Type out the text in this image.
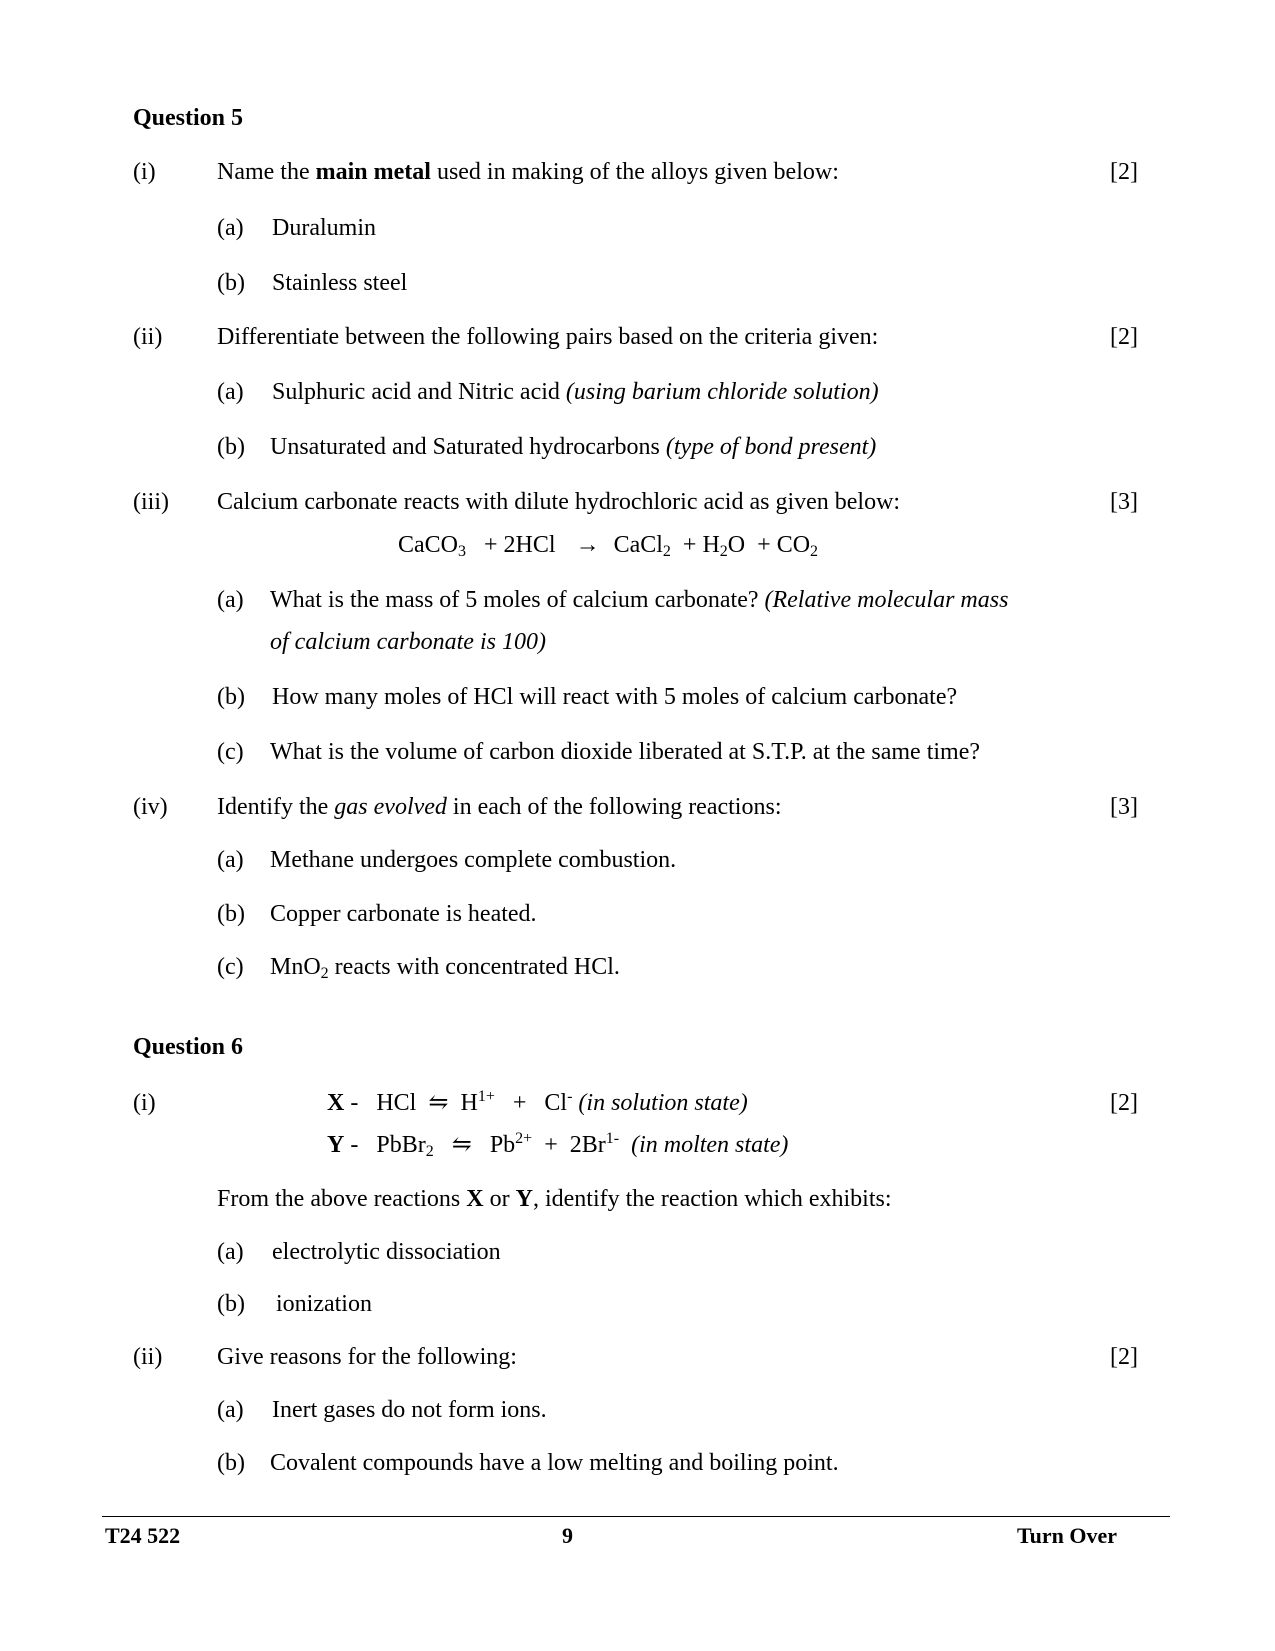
Question 5
(i)	Name the main metal used in making of the alloys given below:	[2]
(a) Duralumin
(b) Stainless steel
(ii) Differentiate between the following pairs based on the criteria given:	[2]
(a) Sulphuric acid and Nitric acid (using barium chloride solution)
(b) Unsaturated and Saturated hydrocarbons (type of bond present)
(iii) Calcium carbonate reacts with dilute hydrochloric acid as given below:	[3]
CaCO$_3$ + 2HCl → CaCl$_2$ + $H_2O + CO_2$
(a) What is the mass of 5 moles of calcium carbonate? (Relative molecular mass
of calcium carbonate is 100)
(b) How many moles of HCl will react with 5 moles of calcium carbonate?
(c) What is the volume of carbon dioxide liberated at S.T.P. at the same time?
(iv) Identify the gas evolved in each of the following reactions:	[3]
(a) Methane undergoes complete combustion.
(b) Copper carbonate is heated.
(c) MnO$_2$ reacts with concentrated HCl.
Question 6
(i)	X - HCl ⇋ $H^{1+} + Cl^-$ (in solution state)	[2]
Y - PbBr$_2$ ⇋ $Pb^{2+} + 2Br^{1-}$ (in molten state)
From the above reactions X or Y, identify the reaction which exhibits:
(a) electrolytic dissociation
(b) ionization
(ii) Give reasons for the following:	[2]
(a) Inert gases do not form ions.
(b) Covalent compounds have a low melting and boiling point.
T24 522	9	Turn Over
